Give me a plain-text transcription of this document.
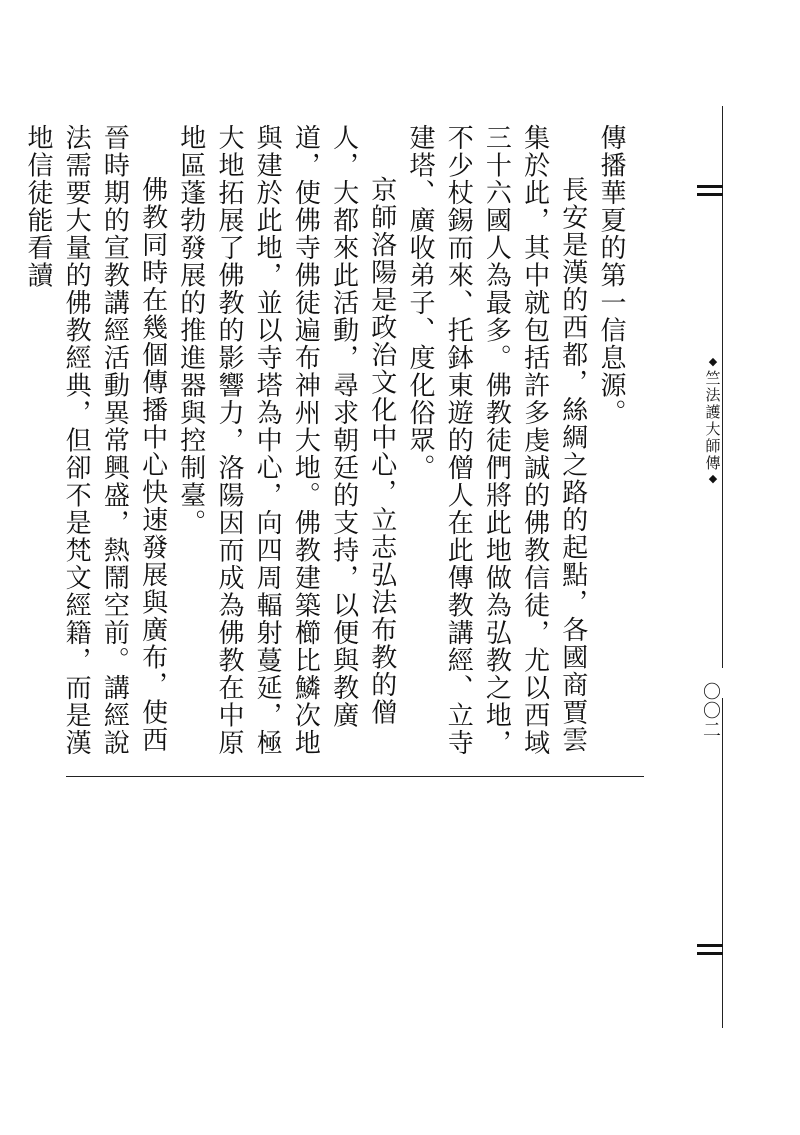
傳播華夏的第一信息源。

長安是漢的西都，絲綢之路的起點，各國商賈雲集於此，其中就包括許多虔誠的佛教信徒，尤以西域三十六國人為最多。佛教徒們將此地做為弘教之地，不少杖錫而來、托鉢東遊的僧人在此傳教講經、立寺建塔、廣收弟子、度化俗眾。

京師洛陽是政治文化中心，立志弘法布教的僧人，大都來此活動，尋求朝廷的支持，以便與教廣道，使佛寺佛徒遍布神州大地。佛教建築櫛比鱗次地與建於此地，並以寺塔為中心，向四周輻射蔓延，極大地拓展了佛教的影響力，洛陽因而成為佛教在中原地區蓬勃發展的推進器與控制臺。

佛教同時在幾個傳播中心快速發展與廣布，使西晉時期的宣教講經活動異常興盛，熱鬧空前。講經說法需要大量的佛教經典，但卻不是梵文經籍，而是漢地信徒能看讀

◆
竺法護大師傳
◆
〇〇二
